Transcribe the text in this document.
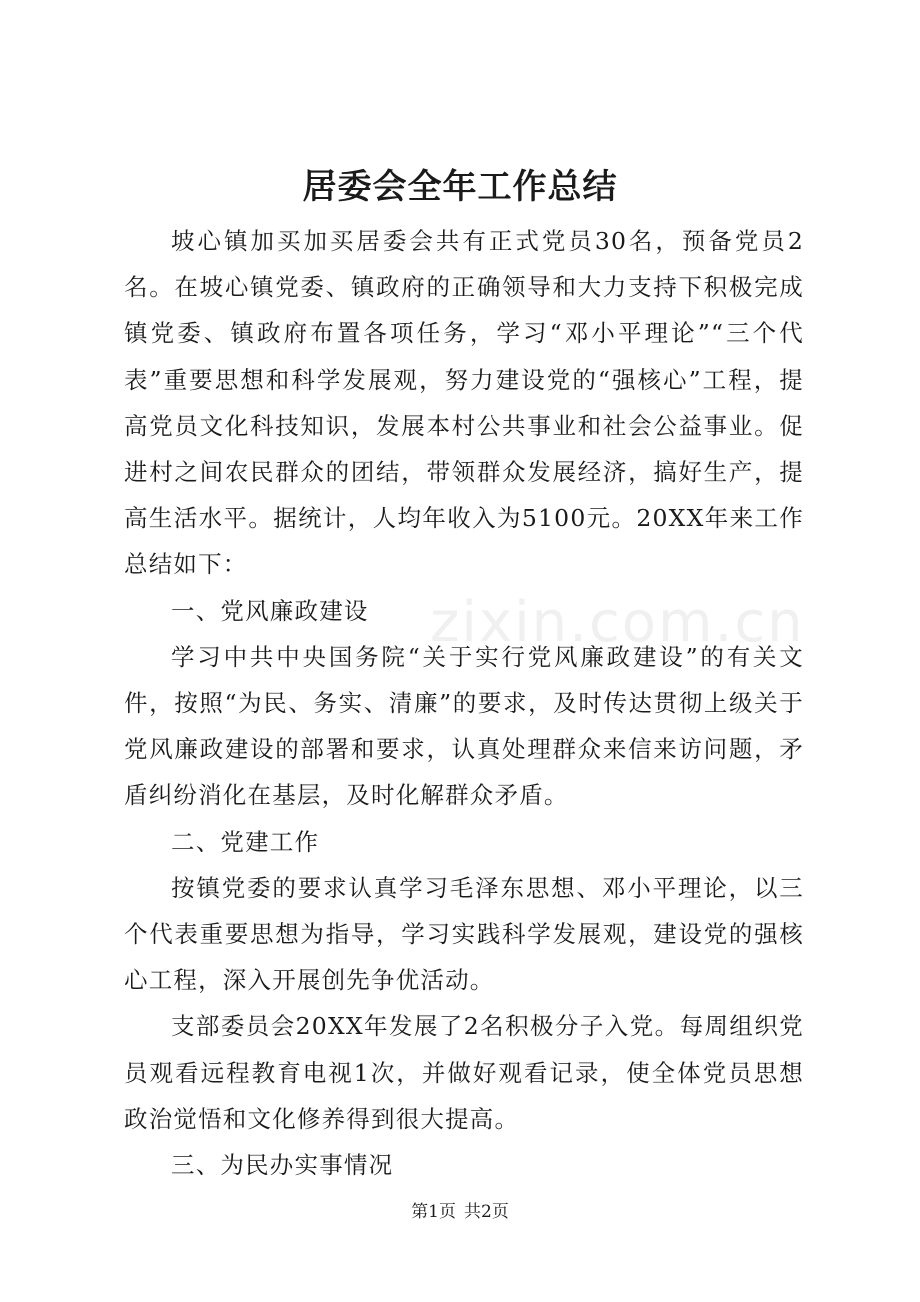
居委会全年工作总结

坡心镇加买加买居委会共有正式党员30名，预备党员2名。在坡心镇党委、镇政府的正确领导和大力支持下积极完成镇党委、镇政府布置各项任务，学习“邓小平理论”“三个代表”重要思想和科学发展观，努力建设党的“强核心”工程，提高党员文化科技知识，发展本村公共事业和社会公益事业。促进村之间农民群众的团结，带领群众发展经济，搞好生产，提高生活水平。据统计，人均年收入为5100元。20XX年来工作总结如下：

一、党风廉政建设

学习中共中央国务院“关于实行党风廉政建设”的有关文件，按照“为民、务实、清廉”的要求，及时传达贯彻上级关于党风廉政建设的部署和要求，认真处理群众来信来访问题，矛盾纠纷消化在基层，及时化解群众矛盾。

二、党建工作

按镇党委的要求认真学习毛泽东思想、邓小平理论，以三个代表重要思想为指导，学习实践科学发展观，建设党的强核心工程，深入开展创先争优活动。

支部委员会20XX年发展了2名积极分子入党。每周组织党员观看远程教育电视1次，并做好观看记录，使全体党员思想政治觉悟和文化修养得到很大提高。

三、为民办实事情况

zixin.com.cn
第1页 共2页
